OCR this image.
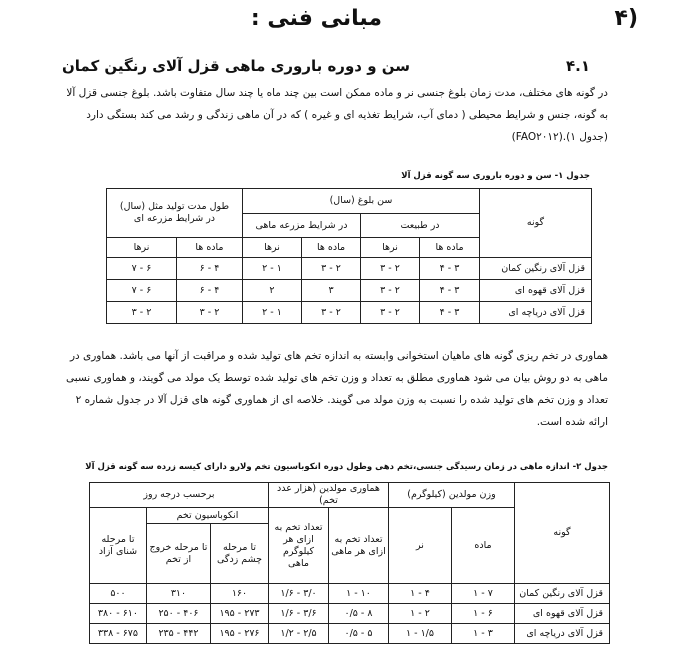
مبانی فنی :	(۴
سن و دوره باروری ماهی قزل آلای رنگین کمان	۴.۱
در گونه های مختلف، مدت زمان بلوغ جنسی نر و ماده ممکن است بین چند ماه یا چند سال متفاوت باشد. بلوغ جنسی قزل آلا
به گونه، جنس و شرایط محیطی ( دمای آب، شرایط تغذیه ای و غیره ) که در آن ماهی زندگی و رشد می کند بستگی دارد
(جدول ۱).(FAO۲۰۱۲)
جدول ۱- سن و دوره باروری سه گونه قزل آلا
گونه	سن بلوغ (سال)				طول مدت تولید مثل (سال)
در شرایط مزرعه ای	

	در طبیعت		در شرایط مزرعه ماهی			
	ماده ها	نرها	ماده ها	نرها	ماده ها	نرها
قزل آلای رنگین کمان	۳ - ۴	۲ - ۳	۲ - ۳	۱ - ۲	۴ - ۶	۶ - ۷
قزل آلای قهوه ای	۳ - ۴	۲ - ۳	۳	۲	۴ - ۶	۶ - ۷
قزل آلای دریاچه ای	۳ - ۴	۲ - ۳	۲ - ۳	۱ - ۲	۲ - ۳	۲ - ۳
هماوری در تخم ریزی گونه های ماهیان استخوانی وابسته به اندازه تخم های تولید شده و مراقبت از آنها می باشد. هماوری در
ماهی به دو روش بیان می شود هماوری مطلق به تعداد و وزن تخم های تولید شده توسط یک مولد می گویند، و هماوری نسبی
تعداد و وزن تخم های تولید شده را نسبت به وزن مولد می گویند. خلاصه ای از هماوری گونه های قزل آلا در جدول شماره ۲
ارائه شده است.
جدول ۲- اندازه ماهی در زمان رسیدگی جنسی،تخم دهی وطول دوره انکوباسیون تخم ولارو دارای کیسه زرده سه گونه قزل آلا
گونه	وزن مولدین (کیلوگرم)		هماوری مولدین (هزار عدد تخم)		برحسب درجه روز		
	ماده	نر	تعداد تخم به ازای هر ماهی	تعداد تخم به ازای هر کیلوگرم ماهی	انکوباسیون تخم		تا مرحله شنای آزاد
					تا مرحله چشم زدگی	تا مرحله خروج از تخم	
قزل آلای رنگین کمان	۷ - ۱	۴ - ۱	۱۰ - ۱	۳/۰ - ۱/۶	۱۶۰	۳۱۰	۵۰۰
قزل آلای قهوه ای	۶ - ۱	۲ - ۱	۸ - ۰/۵	۳/۶ - ۱/۶	۲۷۳ - ۱۹۵	۴۰۶ - ۲۵۰	۶۱۰ - ۳۸۰
قزل آلای دریاچه ای	۳ - ۱	۱/۵ - ۱	۵ - ۰/۵	۲/۵ - ۱/۲	۲۷۶ - ۱۹۵	۴۴۲ - ۲۳۵	۶۷۵ - ۳۳۸
